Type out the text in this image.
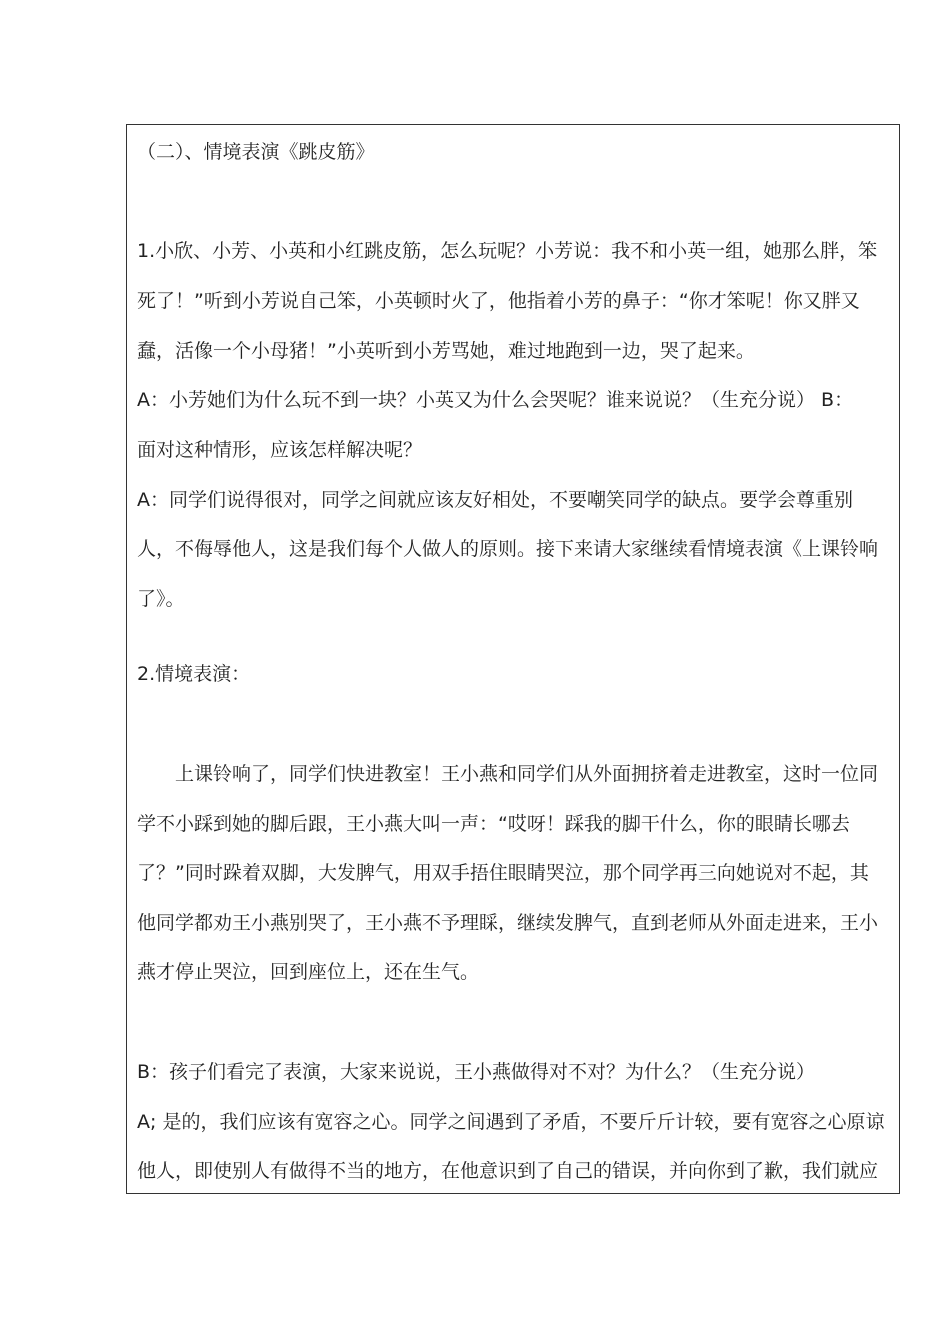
（二）、情境表演《跳皮筋》
1.小欣、小芳、小英和小红跳皮筋，怎么玩呢？小芳说：我不和小英一组，她那么胖，笨
死了！”听到小芳说自己笨，小英顿时火了，他指着小芳的鼻子：“你才笨呢！你又胖又
蠢，活像一个小母猪！”小英听到小芳骂她，难过地跑到一边，哭了起来。
A：小芳她们为什么玩不到一块？小英又为什么会哭呢？谁来说说？（生充分说） B：
面对这种情形，应该怎样解决呢？
A：同学们说得很对，同学之间就应该友好相处，不要嘲笑同学的缺点。要学会尊重别
人，不侮辱他人，这是我们每个人做人的原则。接下来请大家继续看情境表演《上课铃响
了》。
2.情境表演：
上课铃响了，同学们快进教室！王小燕和同学们从外面拥挤着走进教室，这时一位同
学不小踩到她的脚后跟，王小燕大叫一声：“哎呀！踩我的脚干什么，你的眼睛长哪去
了？”同时跺着双脚，大发脾气，用双手捂住眼睛哭泣，那个同学再三向她说对不起，其
他同学都劝王小燕别哭了，王小燕不予理睬，继续发脾气，直到老师从外面走进来，王小
燕才停止哭泣，回到座位上，还在生气。
B：孩子们看完了表演，大家来说说，王小燕做得对不对？为什么？（生充分说）
A; 是的，我们应该有宽容之心。同学之间遇到了矛盾，不要斤斤计较，要有宽容之心原谅
他人，即使别人有做得不当的地方，在他意识到了自己的错误，并向你到了歉，我们就应
